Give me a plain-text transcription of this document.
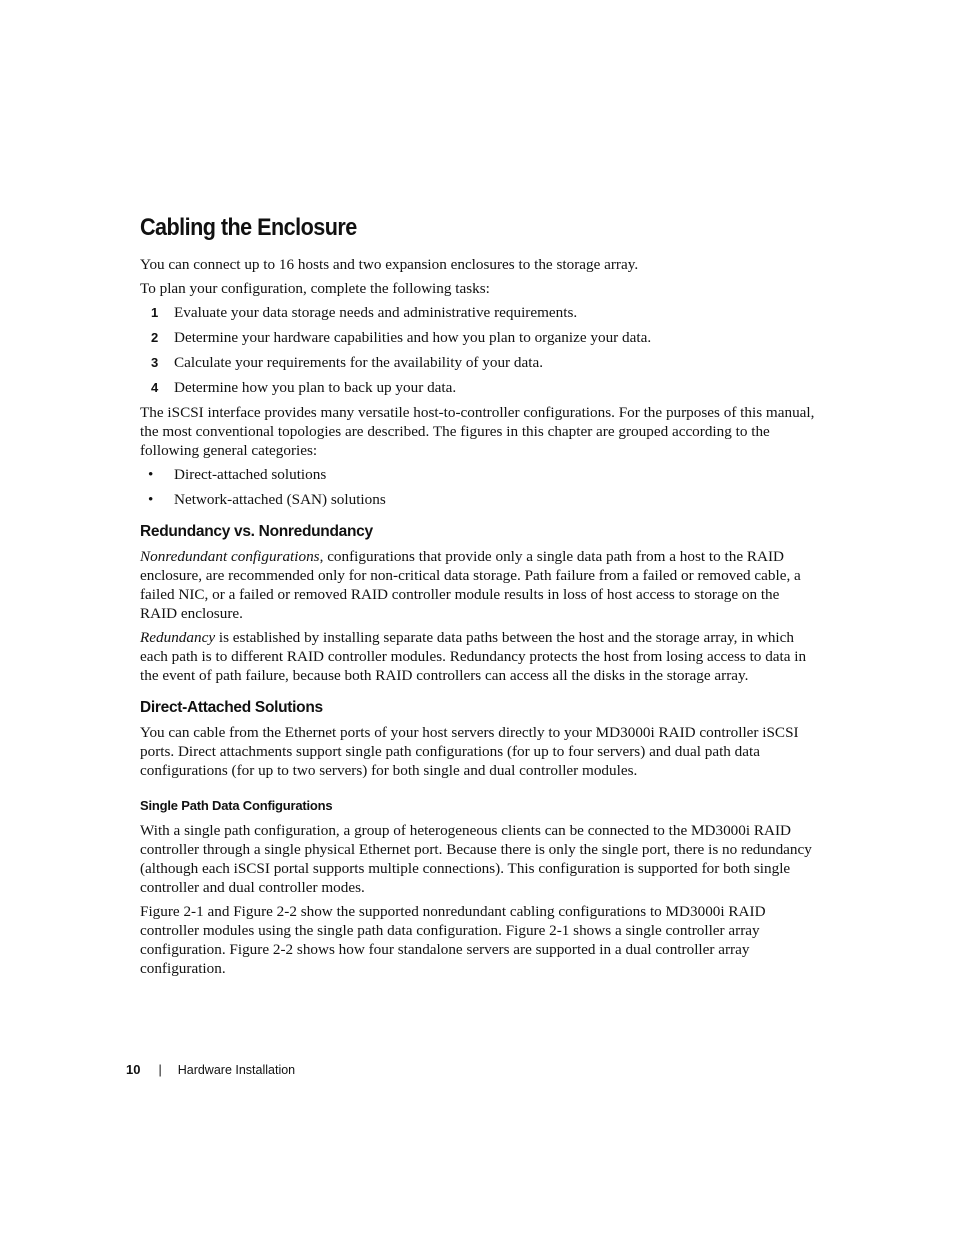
Cabling the Enclosure

You can connect up to 16 hosts and two expansion enclosures to the storage array.

To plan your configuration, complete the following tasks:

1 Evaluate your data storage needs and administrative requirements.
2 Determine your hardware capabilities and how you plan to organize your data.
3 Calculate your requirements for the availability of your data.
4 Determine how you plan to back up your data.

The iSCSI interface provides many versatile host-to-controller configurations. For the purposes of this manual, the most conventional topologies are described. The figures in this chapter are grouped according to the following general categories:

• Direct-attached solutions
• Network-attached (SAN) solutions
Redundancy vs. Nonredundancy

Nonredundant configurations, configurations that provide only a single data path from a host to the RAID enclosure, are recommended only for non-critical data storage. Path failure from a failed or removed cable, a failed NIC, or a failed or removed RAID controller module results in loss of host access to storage on the RAID enclosure.

Redundancy is established by installing separate data paths between the host and the storage array, in which each path is to different RAID controller modules. Redundancy protects the host from losing access to data in the event of path failure, because both RAID controllers can access all the disks in the storage array.

Direct-Attached Solutions

You can cable from the Ethernet ports of your host servers directly to your MD3000i RAID controller iSCSI ports. Direct attachments support single path configurations (for up to four servers) and dual path data configurations (for up to two servers) for both single and dual controller modules.

Single Path Data Configurations

With a single path configuration, a group of heterogeneous clients can be connected to the MD3000i RAID controller through a single physical Ethernet port. Because there is only the single port, there is no redundancy (although each iSCSI portal supports multiple connections). This configuration is supported for both single controller and dual controller modes.

Figure 2-1 and Figure 2-2 show the supported nonredundant cabling configurations to MD3000i RAID controller modules using the single path data configuration. Figure 2-1 shows a single controller array configuration. Figure 2-2 shows how four standalone servers are supported in a dual controller array configuration.

10 | Hardware Installation
